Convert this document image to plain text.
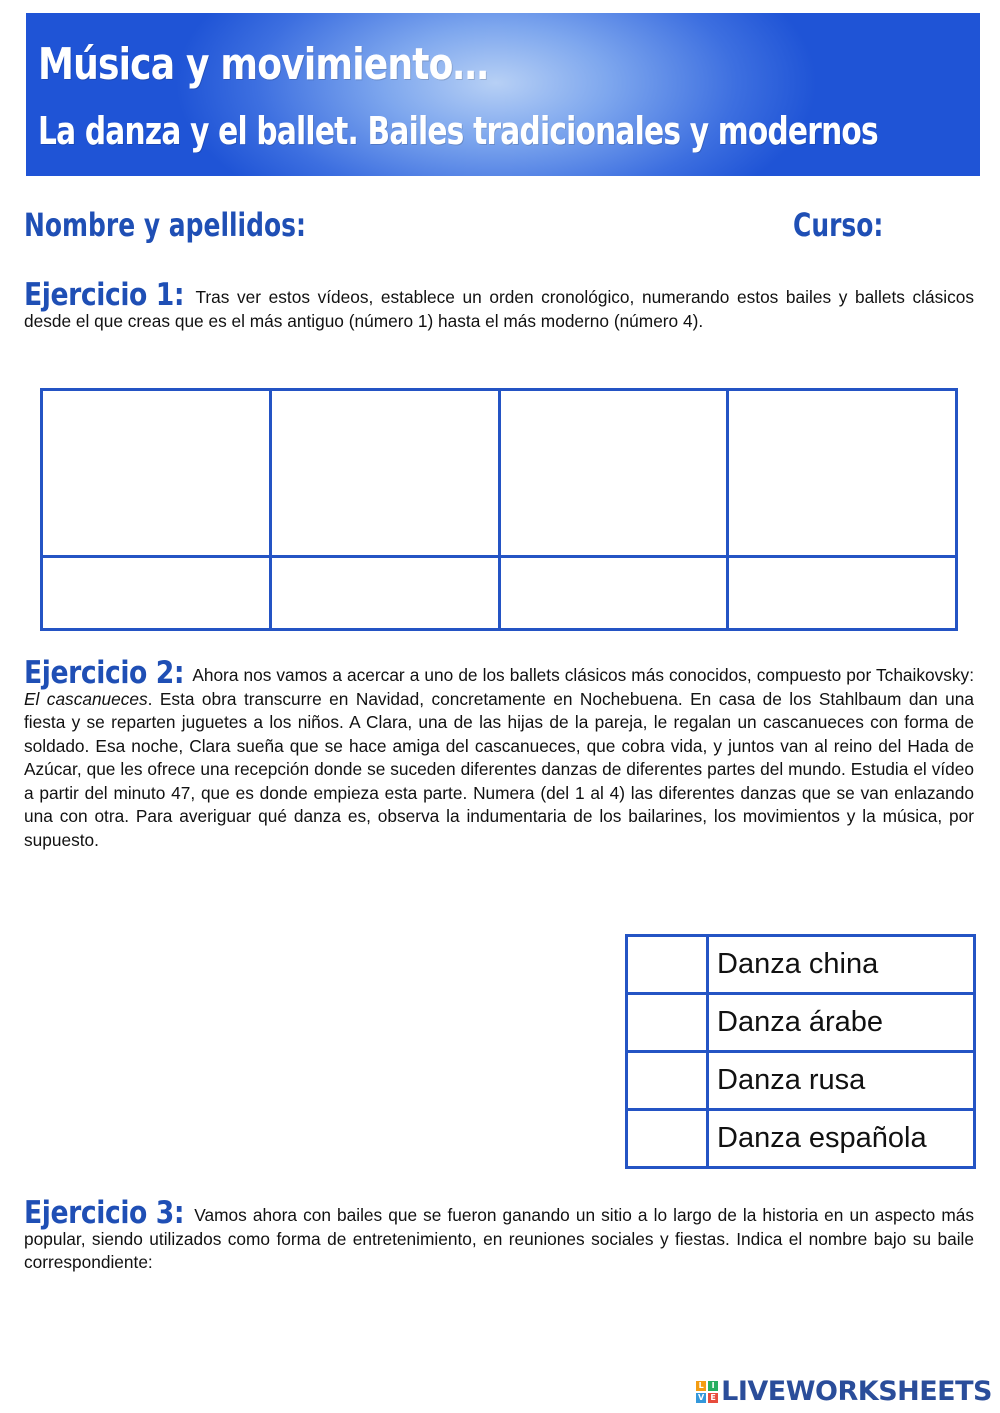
Música y movimiento…
La danza y el ballet. Bailes tradicionales y modernos
Nombre y apellidos:	Curso:
Ejercicio 1: Tras ver estos vídeos, establece un orden cronológico, numerando estos bailes y ballets clásicos desde el que creas que es el más antiguo (número 1) hasta el más moderno (número 4).

Ejercicio 2: Ahora nos vamos a acercar a uno de los ballets clásicos más conocidos, compuesto por Tchaikovsky: El cascanueces. Esta obra transcurre en Navidad, concretamente en Nochebuena. En casa de los Stahlbaum dan una fiesta y se reparten juguetes a los niños. A Clara, una de las hijas de la pareja, le regalan un cascanueces con forma de soldado. Esa noche, Clara sueña que se hace amiga del cascanueces, que cobra vida, y juntos van al reino del Hada de Azúcar, que les ofrece una recepción donde se suceden diferentes danzas de diferentes partes del mundo. Estudia el vídeo a partir del minuto 47, que es donde empieza esta parte. Numera (del 1 al 4) las diferentes danzas que se van enlazando una con otra. Para averiguar qué danza es, observa la indumentaria de los bailarines, los movimientos y la música, por supuesto.
	Danza china
	Danza árabe
	Danza rusa
	Danza española
Ejercicio 3: Vamos ahora con bailes que se fueron ganando un sitio a lo largo de la historia en un aspecto más popular, siendo utilizados como forma de entretenimiento, en reuniones sociales y fiestas. Indica el nombre bajo su baile correspondiente:
L I
V E LIVEWORKSHEETS
